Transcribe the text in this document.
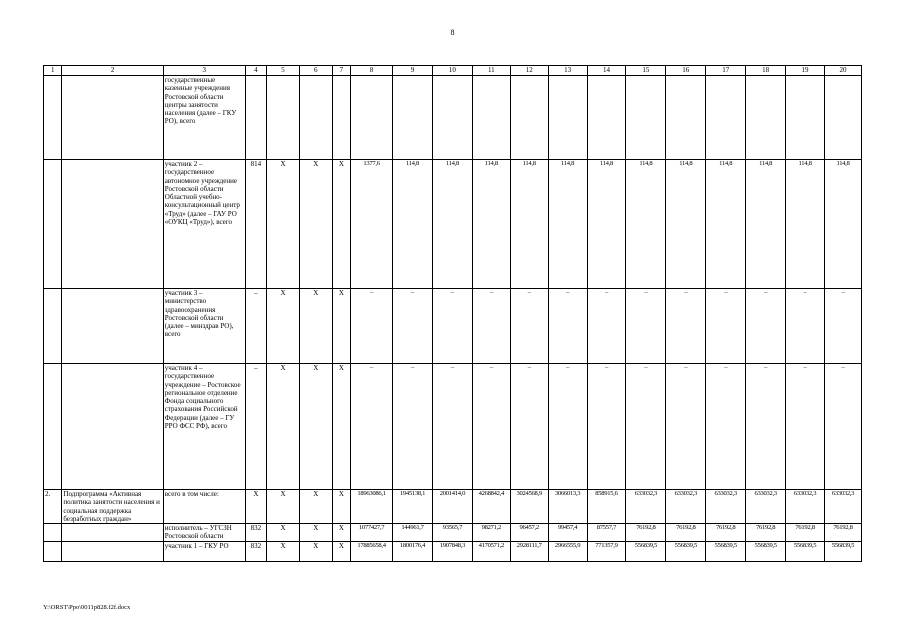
8
1	2	3	4	5	6	7	8	9	10	11	12	13	14	15	16	17	18	19	20
		государственные казенные учреждения Ростовской области центры занятости населения (далее – ГКУ РО), всего																	
		участник 2 – государственное автономное учреждение Ростовской области Областной учебно-консультационный центр «Труд» (далее – ГАУ РО «ОУКЦ «Труд»), всего	814	X	X	X	1377,6	114,8	114,8	114,8	114,8	114,8	114,8	114,8	114,8	114,8	114,8	114,8	114,8
		участник 3 – министерство здравоохранения Ростовской области (далее – минздрав РО), всего	–	X	X	X	–	–	–	–	–	–	–	–	–	–	–	–	–
		участник 4 – государственное учреждение – Ростовское региональное отделение Фонда социального страхования Российской Федерации (далее – ГУ РРО ФСС РФ), всего	–	X	X	X	–	–	–	–	–	–	–	–	–	–	–	–	–
2.	Подпрограмма «Активная политика занятости населения и социальная поддержка безработных граждан»	всего в том числе:	X	X	X	X	18963086,1	1945138,1	2001414,0	4268842,4	3024568,9	3066013,3	858915,6	633032,3	633032,3	633032,3	633032,3	633032,3	633032,3
		исполнитель – УГСЗН Ростовской области	832	X	X	X	1077427,7	144961,7	93565,7	98271,2	96457,2	99457,4	87557,7	76192,8	76192,8	76192,8	76192,8	76192,8	76192,8
		участник 1 – ГКУ РО	832	X	X	X	17885658,4	1800176,4	1907848,3	4170571,2	2928111,7	2966555,9	771357,9	556839,5	556839,5	556839,5	556839,5	556839,5	556839,5
Y:\ORST\Ppo\0011p828.f2f.docx
